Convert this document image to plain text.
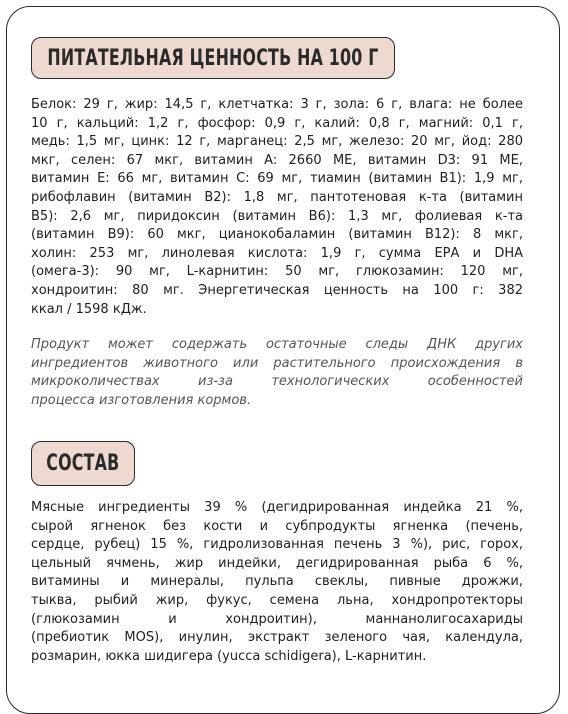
ПИТАТЕЛЬНАЯ ЦЕННОСТЬ НА 100 Г

Белок: 29 г, жир: 14,5 г, клетчатка: 3 г, зола: 6 г, влага: не более

10 г, кальций: 1,2 г, фосфор: 0,9 г, калий: 0,8 г, магний: 0,1 г,

медь: 1,5 мг, цинк: 12 г, марганец: 2,5 мг, железо: 20 мг, йод: 280

мкг, селен: 67 мкг, витамин A: 2660 МЕ, витамин D3: 91 МЕ,

витамин Е: 66 мг, витамин С: 69 мг, тиамин (витамин В1): 1,9 мг,

рибофлавин (витамин В2): 1,8 мг, пантотеновая к-та (витамин

В5): 2,6 мг, пиридоксин (витамин В6): 1,3 мг, фолиевая к-та

(витамин В9): 60 мкг, цианокобаламин (витамин В12): 8 мкг,

холин: 253 мг, линолевая кислота: 1,9 г, сумма ЕРА и DHA

(омега-3): 90 мг, L-карнитин: 50 мг, глюкозамин: 120 мг,

хондроитин: 80 мг. Энергетическая ценность на 100 г: 382

ккал / 1598 кДж.

Продукт может содержать остаточные следы ДНК других

ингредиентов животного или растительного происхождения в

микроколичествах из-за технологических особенностей

процесса изготовления кормов.

СОСТАВ

Мясные ингредиенты 39 % (дегидрированная индейка 21 %,

сырой ягненок без кости и субпродукты ягненка (печень,

сердце, рубец) 15 %, гидролизованная печень 3 %), рис, горох,

цельный ячмень, жир индейки, дегидрированная рыба 6 %,

витамины и минералы, пульпа свеклы, пивные дрожжи,

тыква, рыбий жир, фукус, семена льна, хондропротекторы

(глюкозамин и хондроитин), маннанолигосахариды

(пребиотик MOS), инулин, экстракт зеленого чая, календула,

розмарин, юкка шидигера (yucca schidigera), L-карнитин.
